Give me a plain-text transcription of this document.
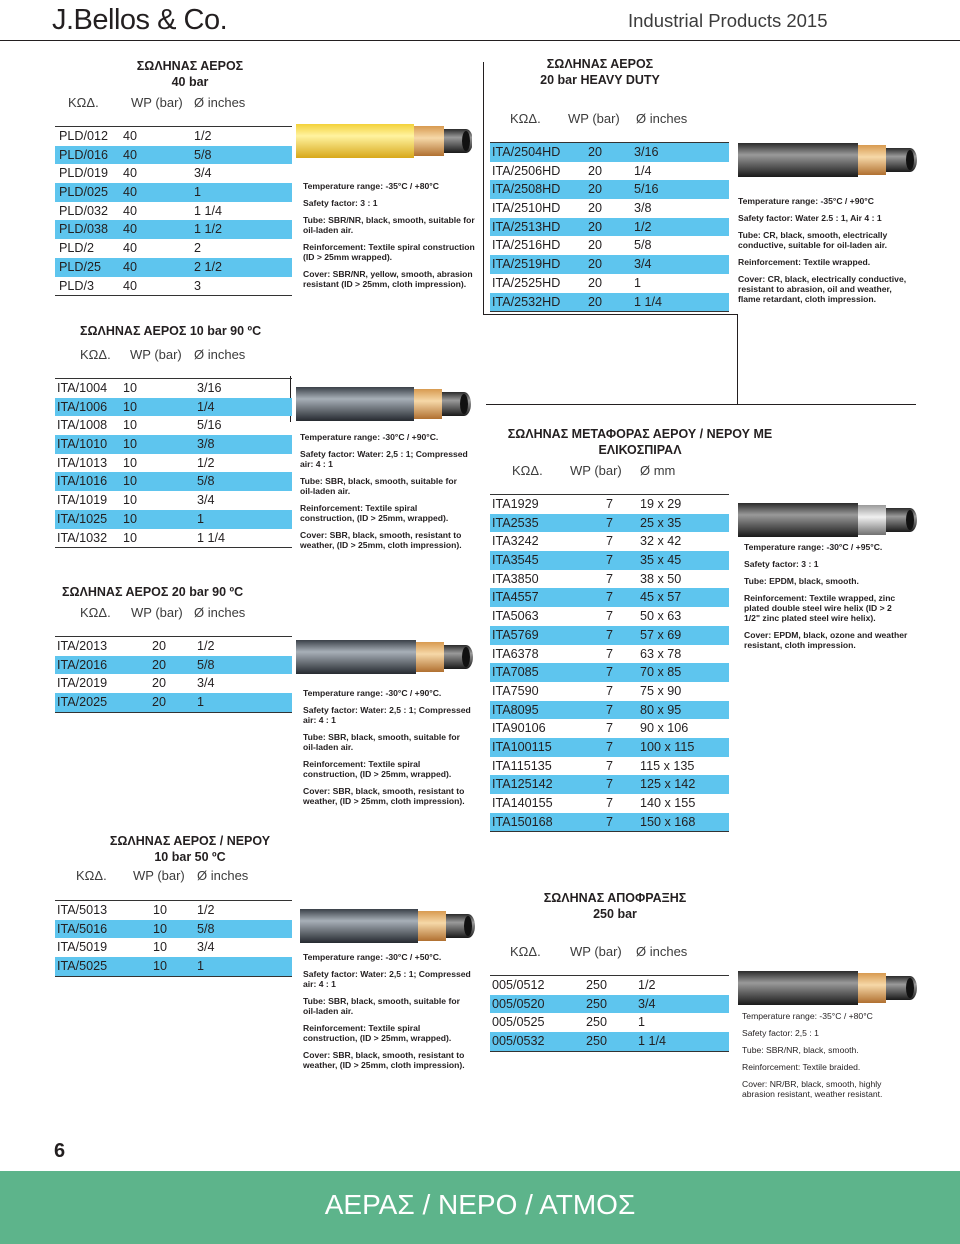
J.Bellos & Co.	Industrial Products 2015
ΣΩΛΗΝΑΣ ΑΕΡΟΣ
40 bar
ΚΩΔ. WP (bar) Ø inches
PLD/012 40	1/2
PLD/016 40	5/8
PLD/019 40	3/4
PLD/025 40	1
PLD/032 40	1 1/4
PLD/038 40	1 1/2
PLD/2 40	2
PLD/25 40	2 1/2
PLD/3 40	3

Temperature range: -35°C / +80°C

Safety factor: 3 : 1

Tube: SBR/NR, black, smooth, suitable for oil-laden air.

Reinforcement: Textile spiral construction (ID > 25mm wrapped).

Cover: SBR/NR, yellow, smooth, abrasion resistant (ID > 25mm, cloth impression).

ΣΩΛΗΝΑΣ ΑΕΡΟΣ
20 bar HEAVY DUTY
ΚΩΔ. WP (bar) Ø inches
ITA/2504HD 20	3/16
ITA/2506HD 20	1/4
ITA/2508HD 20	5/16
ITA/2510HD 20	3/8
ITA/2513HD 20	1/2
ITA/2516HD 20	5/8
ITA/2519HD 20	3/4
ITA/2525HD 20	1
ITA/2532HD 20	1 1/4

Temperature range: -35°C / +90°C

Safety factor: Water 2.5 : 1, Air 4 : 1

Tube: CR, black, smooth, electrically conductive, suitable for oil-laden air.

Reinforcement: Textile wrapped.

Cover: CR, black, electrically conductive, resistant to abrasion, oil and weather, flame retardant, cloth impression.

ΣΩΛΗΝΑΣ ΑΕΡΟΣ 10 bar 90 ºC
ΚΩΔ. WP (bar) Ø inches
ITA/1004 10	3/16
ITA/1006 10	1/4
ITA/1008 10	5/16
ITA/1010 10	3/8
ITA/1013 10	1/2
ITA/1016 10	5/8
ITA/1019 10	3/4
ITA/1025 10	1
ITA/1032 10	1 1/4

Temperature range: -30°C / +90°C.

Safety factor: Water: 2,5 : 1; Compressed air: 4 : 1

Tube: SBR, black, smooth, suitable for oil-laden air.

Reinforcement: Textile spiral construction, (ID > 25mm, wrapped).

Cover: SBR, black, smooth, resistant to weather, (ID > 25mm, cloth impression).

ΣΩΛΗΝΑΣ ΑΕΡΟΣ 20 bar 90 ºC
ΚΩΔ. WP (bar) Ø inches
ITA/2013	20 1/2
ITA/2016	20 5/8
ITA/2019	20 3/4
ITA/2025	20 1

Temperature range: -30°C / +90°C.

Safety factor: Water: 2,5 : 1; Compressed air: 4 : 1

Tube: SBR, black, smooth, suitable for oil-laden air.

Reinforcement: Textile spiral construction, (ID > 25mm, wrapped).

Cover: SBR, black, smooth, resistant to weather, (ID > 25mm, cloth impression).

ΣΩΛΗΝΑΣ ΑΕΡΟΣ / ΝΕΡΟΥ
10 bar 50 ºC
ΚΩΔ. WP (bar) Ø inches
ITA/5013	10 1/2
ITA/5016	10 5/8
ITA/5019	10 3/4
ITA/5025	10 1

Temperature range: -30°C / +50°C.

Safety factor: Water: 2,5 : 1; Compressed air: 4 : 1

Tube: SBR, black, smooth, suitable for oil-laden air.

Reinforcement: Textile spiral construction, (ID > 25mm, wrapped).

Cover: SBR, black, smooth, resistant to weather, (ID > 25mm, cloth impression).

ΣΩΛΗΝΑΣ ΜΕΤΑΦΟΡΑΣ ΑΕΡΟΥ / ΝΕΡΟΥ ΜΕ
ΕΛΙΚΟΣΠΙΡΑΛ
ΚΩΔ. WP (bar) Ø mm
ITA1929	7 19 x 29
ITA2535	7 25 x 35
ITA3242	7 32 x 42
ITA3545	7 35 x 45
ITA3850	7 38 x 50
ITA4557	7 45 x 57
ITA5063	7 50 x 63
ITA5769	7 57 x 69
ITA6378	7 63 x 78
ITA7085	7 70 x 85
ITA7590	7 75 x 90
ITA8095	7 80 x 95
ITA90106	7 90 x 106
ITA100115	7 100 x 115
ITA115135	7 115 x 135
ITA125142	7 125 x 142
ITA140155	7 140 x 155
ITA150168	7 150 x 168

Temperature range: -30°C / +95°C.

Safety factor: 3 : 1

Tube: EPDM, black, smooth.

Reinforcement: Textile wrapped, zinc plated double steel wire helix (ID > 2 1/2" zinc plated steel wire helix).

Cover: EPDM, black, ozone and weather resistant, cloth impression.

ΣΩΛΗΝΑΣ ΑΠΟΦΡΑΞΗΣ
250 bar
ΚΩΔ. WP (bar) Ø inches
005/0512	250 1/2
005/0520	250 3/4
005/0525	250 1
005/0532	250 1 1/4

Temperature range: -35°C / +80°C

Safety factor: 2,5 : 1

Tube: SBR/NR, black, smooth.

Reinforcement: Textile braided.

Cover: NR/BR, black, smooth, highly abrasion resistant, weather resistant.

6
ΑΕΡΑΣ / ΝΕΡΟ / ΑΤΜΟΣ
